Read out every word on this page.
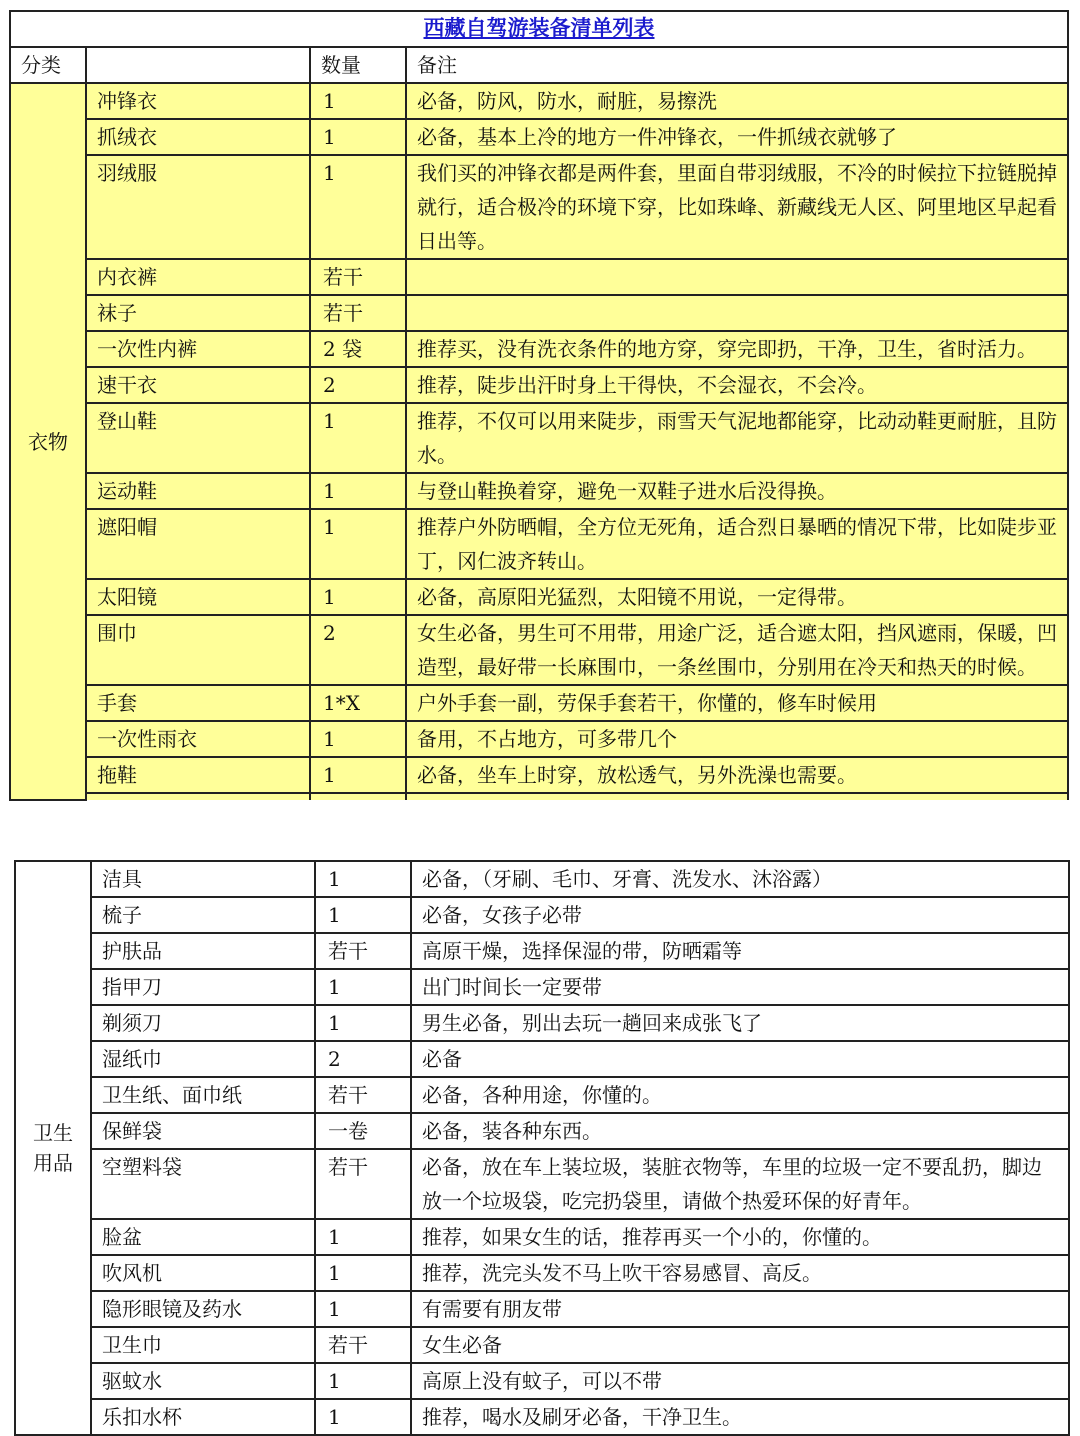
西藏自驾游装备清单列表			
分类		数量	备注
衣物	冲锋衣	1	必备，防风，防水，耐脏，易擦洗
	抓绒衣	1	必备，基本上冷的地方一件冲锋衣，一件抓绒衣就够了
	羽绒服	1	我们买的冲锋衣都是两件套，里面自带羽绒服，不冷的时候拉下拉链脱掉就行，适合极冷的环境下穿，比如珠峰、新藏线无人区、阿里地区早起看日出等。
	内衣裤	若干	
	袜子	若干	
	一次性内裤	2 袋	推荐买，没有洗衣条件的地方穿，穿完即扔，干净，卫生，省时活力。
	速干衣	2	推荐，陡步出汗时身上干得快，不会湿衣，不会冷。
	登山鞋	1	推荐，不仅可以用来陡步，雨雪天气泥地都能穿，比动动鞋更耐脏，且防水。
	运动鞋	1	与登山鞋换着穿，避免一双鞋子进水后没得换。
	遮阳帽	1	推荐户外防晒帽，全方位无死角，适合烈日暴晒的情况下带，比如陡步亚丁，冈仁波齐转山。
	太阳镜	1	必备，高原阳光猛烈，太阳镜不用说，一定得带。
	围巾	2	女生必备，男生可不用带，用途广泛，适合遮太阳，挡风遮雨，保暖，凹造型，最好带一长麻围巾，一条丝围巾，分别用在冷天和热天的时候。
	手套	1*X	户外手套一副，劳保手套若干，你懂的，修车时候用
	一次性雨衣	1	备用，不占地方，可多带几个
	拖鞋	1	必备，坐车上时穿，放松透气，另外洗澡也需要。

卫生用品	洁具	1	必备，（牙刷、毛巾、牙膏、洗发水、沐浴露）
	梳子	1	必备，女孩子必带
	护肤品	若干	高原干燥，选择保湿的带，防晒霜等
	指甲刀	1	出门时间长一定要带
	剃须刀	1	男生必备，别出去玩一趟回来成张飞了
	湿纸巾	2	必备
	卫生纸、面巾纸	若干	必备，各种用途，你懂的。
	保鲜袋	一卷	必备，装各种东西。
	空塑料袋	若干	必备，放在车上装垃圾，装脏衣物等，车里的垃圾一定不要乱扔，脚边放一个垃圾袋，吃完扔袋里，请做个热爱环保的好青年。
	脸盆	1	推荐，如果女生的话，推荐再买一个小的，你懂的。
	吹风机	1	推荐，洗完头发不马上吹干容易感冒、高反。
	隐形眼镜及药水	1	有需要有朋友带
	卫生巾	若干	女生必备
	驱蚊水	1	高原上没有蚊子，可以不带
	乐扣水杯	1	推荐，喝水及刷牙必备，干净卫生。
